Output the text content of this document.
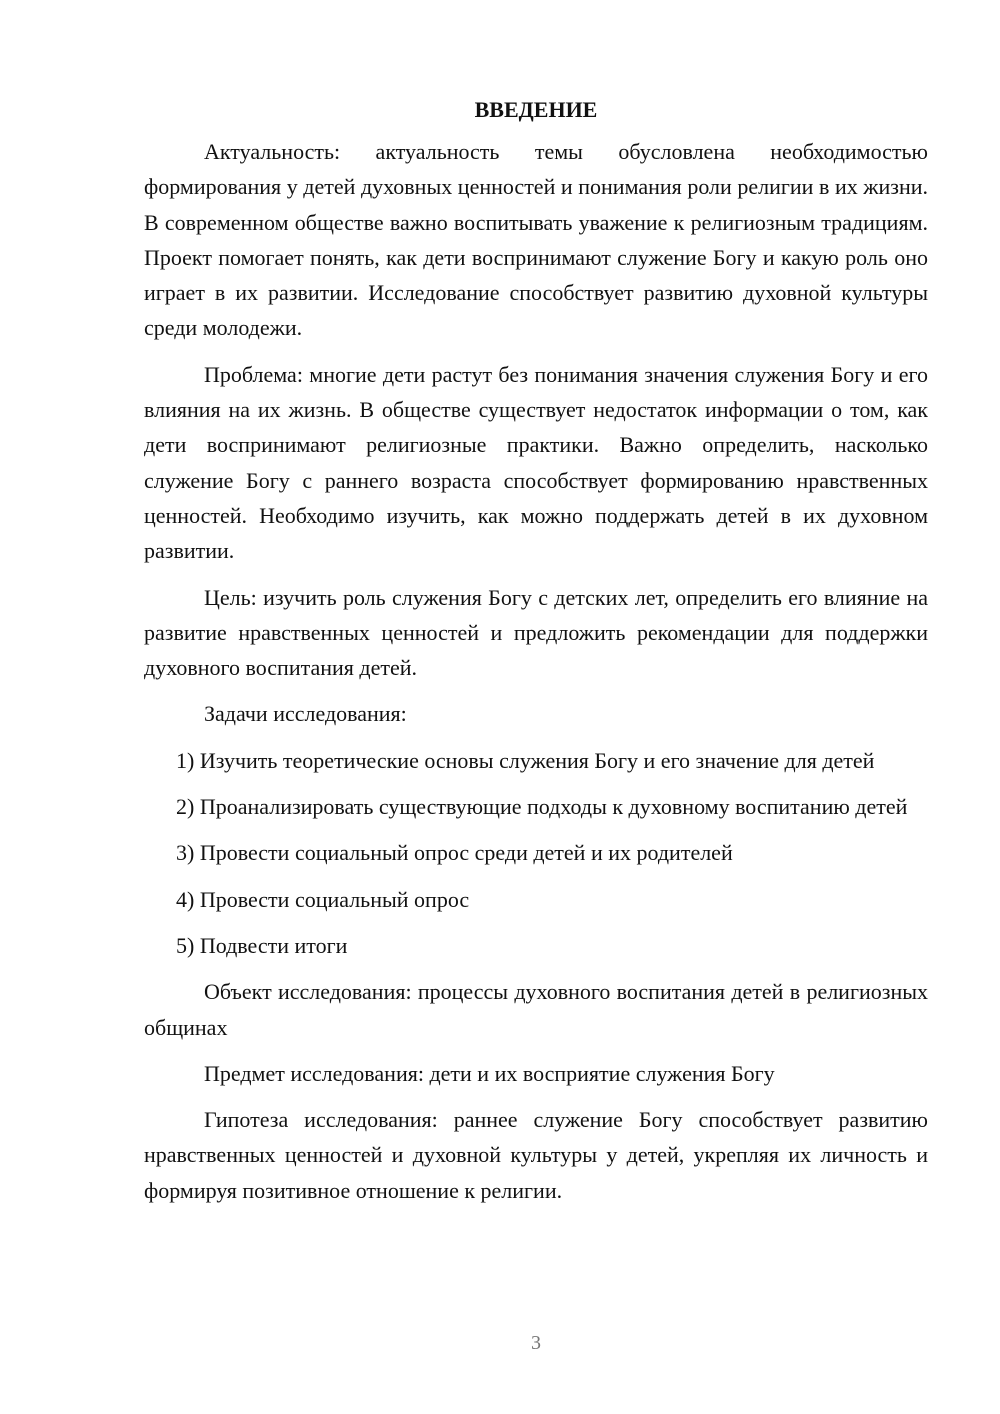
ВВЕДЕНИЕ

Актуальность: актуальность темы обусловлена необходимостью формирования у детей духовных ценностей и понимания роли религии в их жизни. В современном обществе важно воспитывать уважение к религиозным традициям. Проект помогает понять, как дети воспринимают служение Богу и какую роль оно играет в их развитии. Исследование способствует развитию духовной культуры среди молодежи.

Проблема: многие дети растут без понимания значения служения Богу и его влияния на их жизнь. В обществе существует недостаток информации о том, как дети воспринимают религиозные практики. Важно определить, насколько служение Богу с раннего возраста способствует формированию нравственных ценностей. Необходимо изучить, как можно поддержать детей в их духовном развитии.

Цель: изучить роль служения Богу с детских лет, определить его влияние на развитие нравственных ценностей и предложить рекомендации для поддержки духовного воспитания детей.

Задачи исследования:

1) Изучить теоретические основы служения Богу и его значение для детей

2) Проанализировать существующие подходы к духовному воспитанию детей

3) Провести социальный опрос среди детей и их родителей

4) Провести социальный опрос

5) Подвести итоги

Объект исследования: процессы духовного воспитания детей в религиозных общинах

Предмет исследования: дети и их восприятие служения Богу

Гипотеза исследования: раннее служение Богу способствует развитию нравственных ценностей и духовной культуры у детей, укрепляя их личность и формируя позитивное отношение к религии.

3
